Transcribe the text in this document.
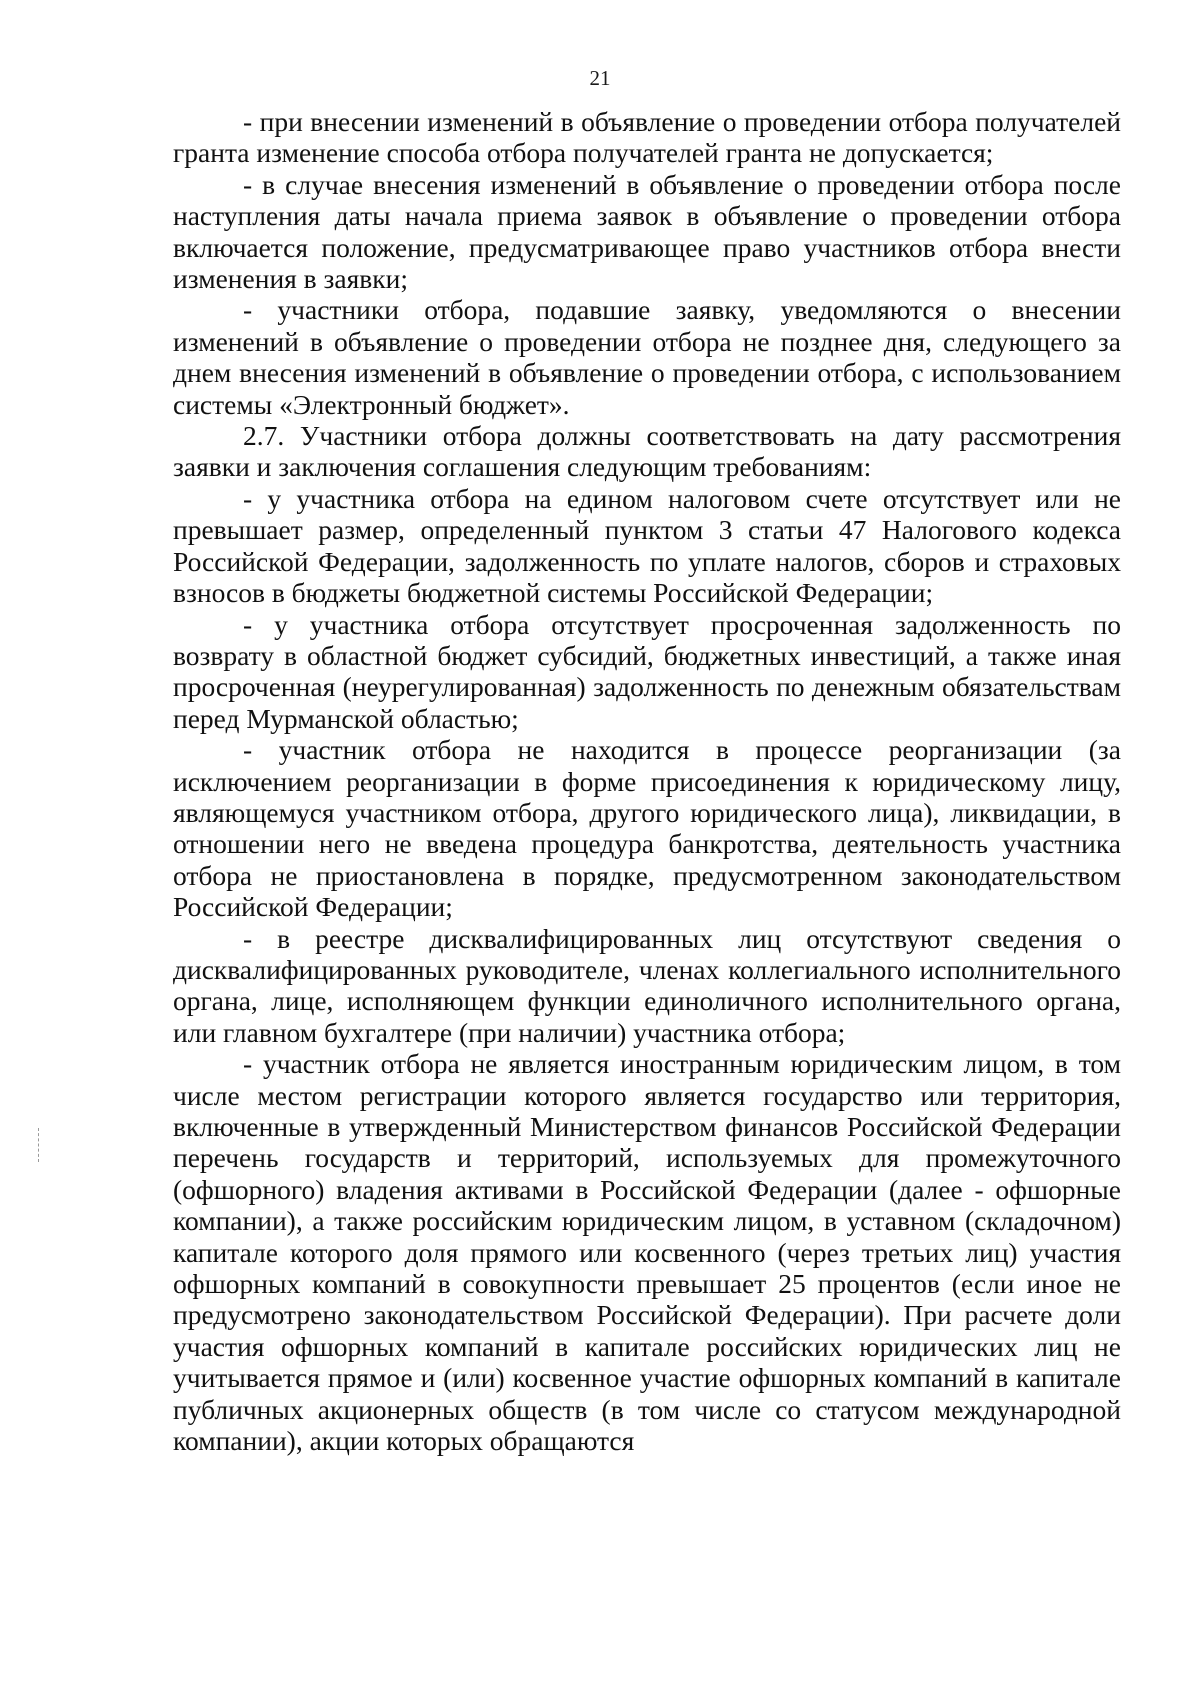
21

- при внесении изменений в объявление о проведении отбора получателей гранта изменение способа отбора получателей гранта не допускается;

- в случае внесения изменений в объявление о проведении отбора после наступления даты начала приема заявок в объявление о проведении отбора включается положение, предусматривающее право участников отбора внести изменения в заявки;

- участники отбора, подавшие заявку, уведомляются о внесении изменений в объявление о проведении отбора не позднее дня, следующего за днем внесения изменений в объявление о проведении отбора, с использованием системы «Электронный бюджет».

2.7. Участники отбора должны соответствовать на дату рассмотрения заявки и заключения соглашения следующим требованиям:

- у участника отбора на едином налоговом счете отсутствует или не превышает размер, определенный пунктом 3 статьи 47 Налогового кодекса Российской Федерации, задолженность по уплате налогов, сборов и страховых взносов в бюджеты бюджетной системы Российской Федерации;

- у участника отбора отсутствует просроченная задолженность по возврату в областной бюджет субсидий, бюджетных инвестиций, а также иная просроченная (неурегулированная) задолженность по денежным обязательствам перед Мурманской областью;

- участник отбора не находится в процессе реорганизации (за исключением реорганизации в форме присоединения к юридическому лицу, являющемуся участником отбора, другого юридического лица), ликвидации, в отношении него не введена процедура банкротства, деятельность участника отбора не приостановлена в порядке, предусмотренном законодательством Российской Федерации;

- в реестре дисквалифицированных лиц отсутствуют сведения о дисквалифицированных руководителе, членах коллегиального исполнительного органа, лице, исполняющем функции единоличного исполнительного органа, или главном бухгалтере (при наличии) участника отбора;

- участник отбора не является иностранным юридическим лицом, в том числе местом регистрации которого является государство или территория, включенные в утвержденный Министерством финансов Российской Федерации перечень государств и территорий, используемых для промежуточного (офшорного) владения активами в Российской Федерации (далее - офшорные компании), а также российским юридическим лицом, в уставном (складочном) капитале которого доля прямого или косвенного (через третьих лиц) участия офшорных компаний в совокупности превышает 25 процентов (если иное не предусмотрено законодательством Российской Федерации). При расчете доли участия офшорных компаний в капитале российских юридических лиц не учитывается прямое и (или) косвенное участие офшорных компаний в капитале публичных акционерных обществ (в том числе со статусом международной компании), акции которых обращаются
